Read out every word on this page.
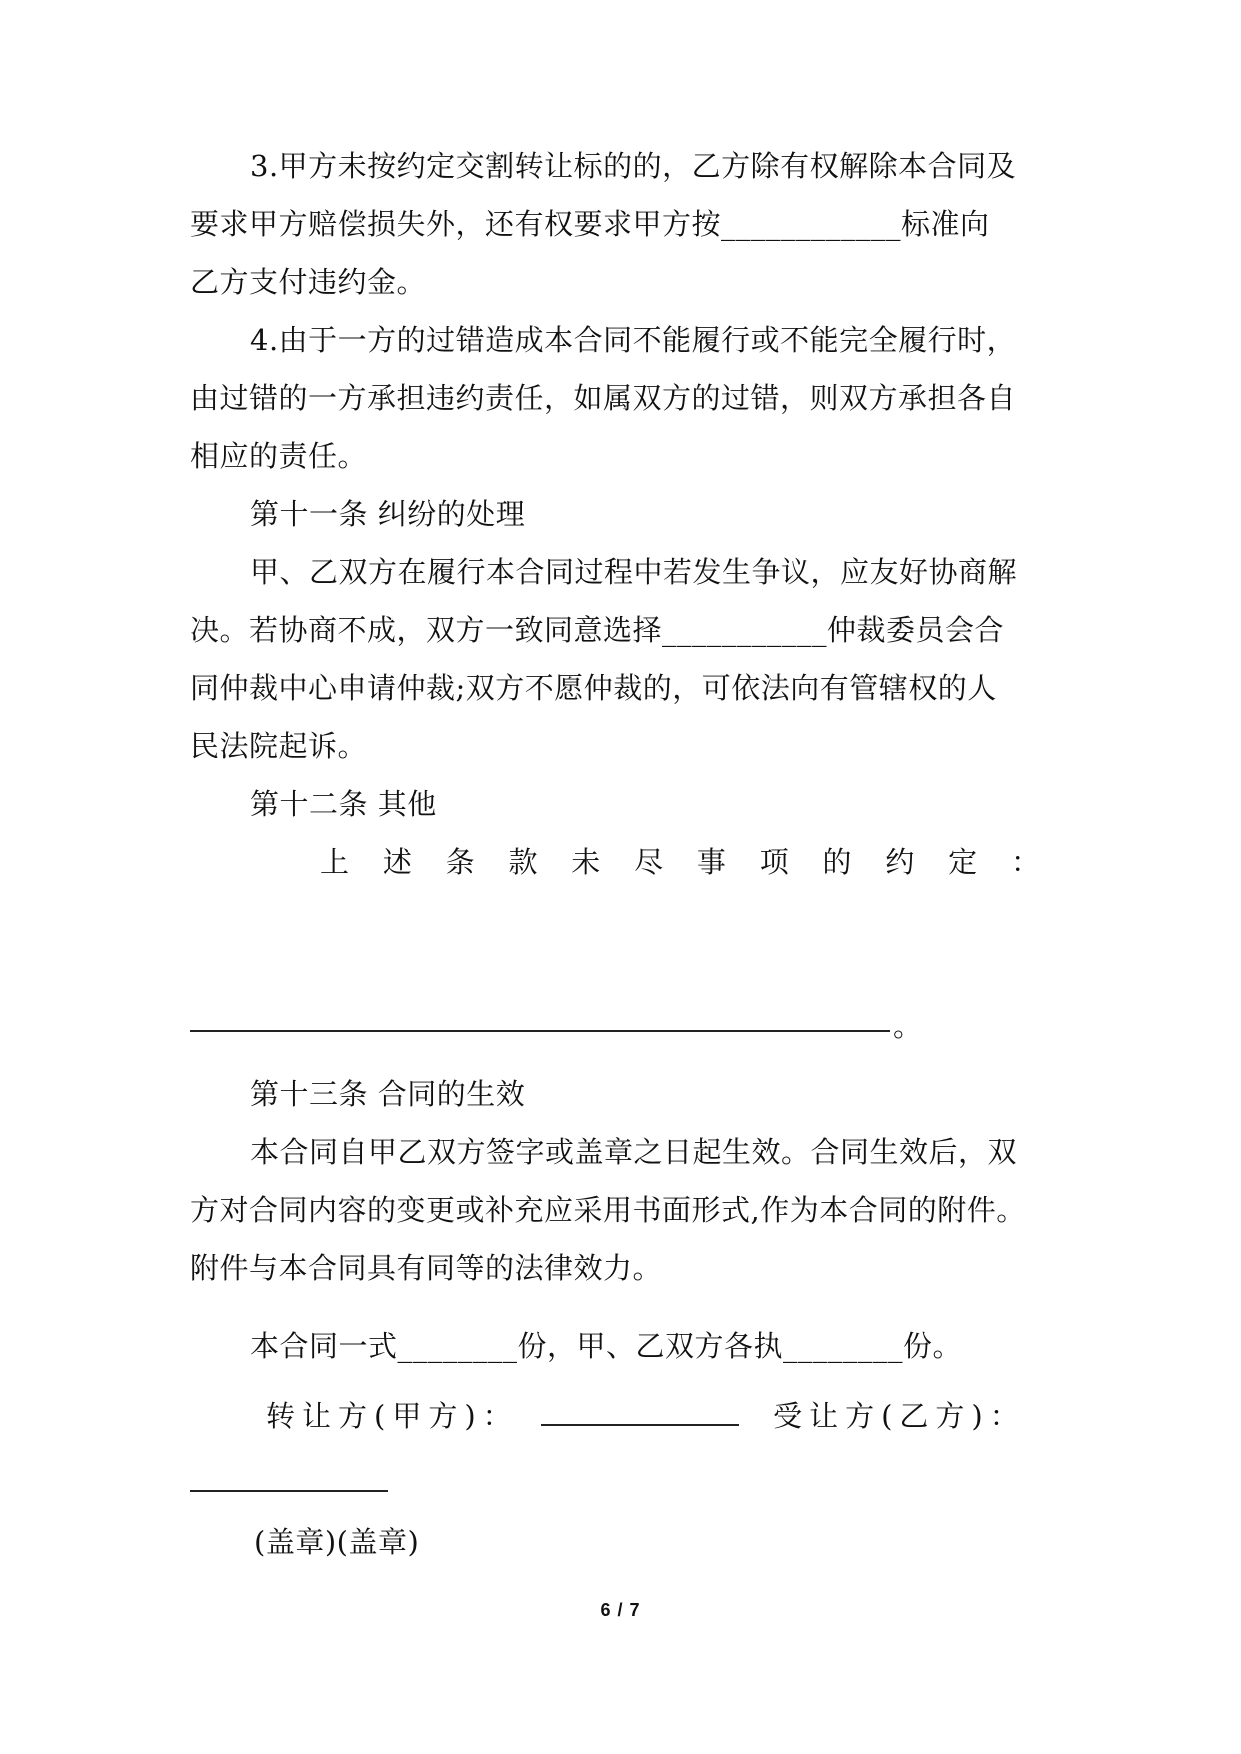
3.甲方未按约定交割转让标的的，乙方除有权解除本合同及
要求甲方赔偿损失外，还有权要求甲方按____________标准向
乙方支付违约金。
4.由于一方的过错造成本合同不能履行或不能完全履行时，
由过错的一方承担违约责任，如属双方的过错，则双方承担各自
相应的责任。
第十一条 纠纷的处理
甲、乙双方在履行本合同过程中若发生争议，应友好协商解
决。若协商不成，双方一致同意选择___________仲裁委员会合
同仲裁中心申请仲裁;双方不愿仲裁的，可依法向有管辖权的人
民法院起诉。
第十二条 其他
上 述 条 款 未 尽 事 项 的 约 定 ：
。
第十三条 合同的生效
本合同自甲乙双方签字或盖章之日起生效。合同生效后，双
方对合同内容的变更或补充应采用书面形式,作为本合同的附件。
附件与本合同具有同等的法律效力。
本合同一式________份，甲、乙双方各执________份。
转让方(甲方)：	受让方(乙方)：
(盖章)(盖章)
6 / 7
